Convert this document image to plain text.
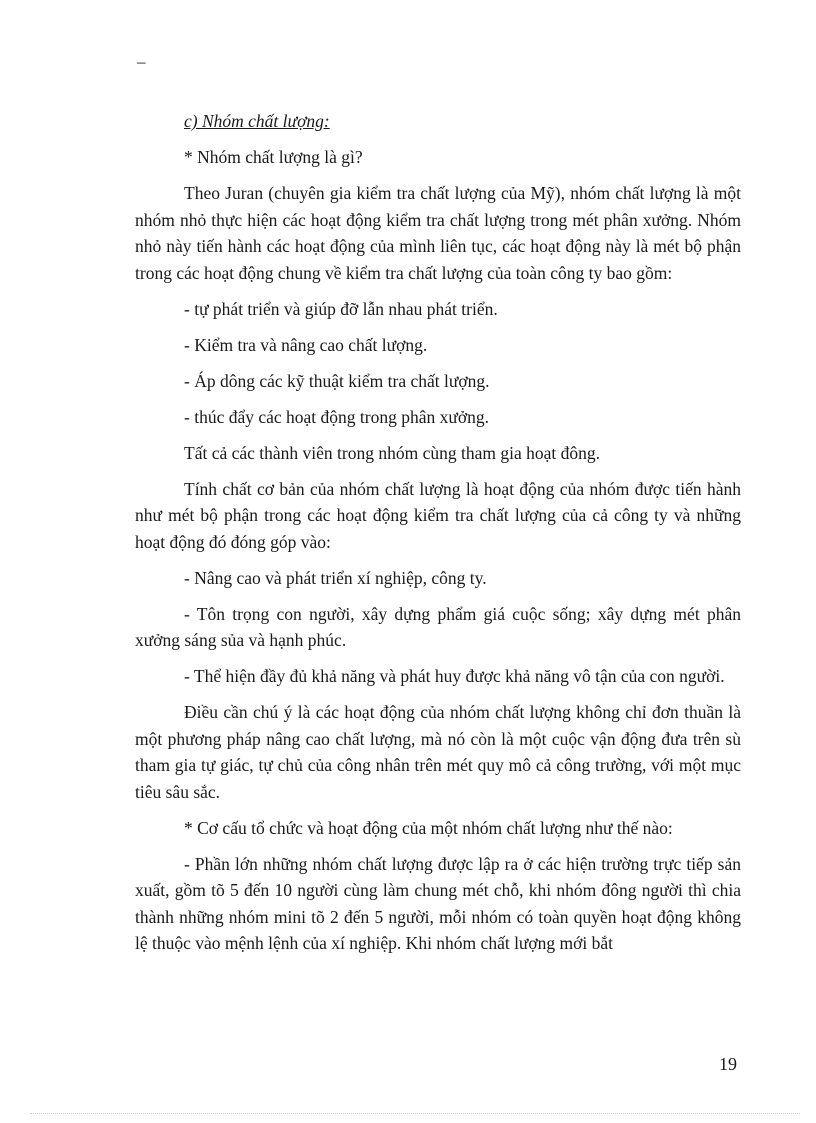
–

c) Nhóm chất lượng:

* Nhóm chất lượng là gì?

Theo Juran (chuyên gia kiểm tra chất lượng của Mỹ), nhóm chất lượng là một nhóm nhỏ thực hiện các hoạt động kiểm tra chất lượng trong mét phân xưởng. Nhóm nhỏ này tiến hành các hoạt động của mình liên tục, các hoạt động này là mét bộ phận trong các hoạt động chung về kiểm tra chất lượng của toàn công ty bao gồm:

- tự phát triển và giúp đỡ lẫn nhau phát triển.

- Kiểm tra và nâng cao chất lượng.

- Áp dông các kỹ thuật kiểm tra chất lượng.

- thúc đẩy các hoạt động trong phân xưởng.

Tất cả các thành viên trong nhóm cùng tham gia hoạt đông.

Tính chất cơ bản của nhóm chất lượng là hoạt động của nhóm được tiến hành như mét bộ phận trong các hoạt động kiểm tra chất lượng của cả công ty và những hoạt động đó đóng góp vào:

- Nâng cao và phát triển xí nghiệp, công ty.

- Tôn trọng con người, xây dựng phẩm giá cuộc sống; xây dựng mét phân xưởng sáng sủa và hạnh phúc.

- Thể hiện đầy đủ khả năng và phát huy được khả năng vô tận của con người.

Điều cần chú ý là các hoạt động của nhóm chất lượng không chỉ đơn thuần là một phương pháp nâng cao chất lượng, mà nó còn là một cuộc vận động đưa trên sù tham gia tự giác, tự chủ của công nhân trên mét quy mô cả công trường, với một mục tiêu sâu sắc.

* Cơ cấu tổ chức và hoạt động của một nhóm chất lượng như thế nào:

- Phần lớn những nhóm chất lượng được lập ra ở các hiện trường trực tiếp sản xuất, gồm tõ 5 đến 10 người cùng làm chung mét chỗ, khi nhóm đông người thì chia thành những nhóm mini tõ 2 đến 5 người, mỗi nhóm có toàn quyền hoạt động không lệ thuộc vào mệnh lệnh của xí nghiệp. Khi nhóm chất lượng mới bắt

19
